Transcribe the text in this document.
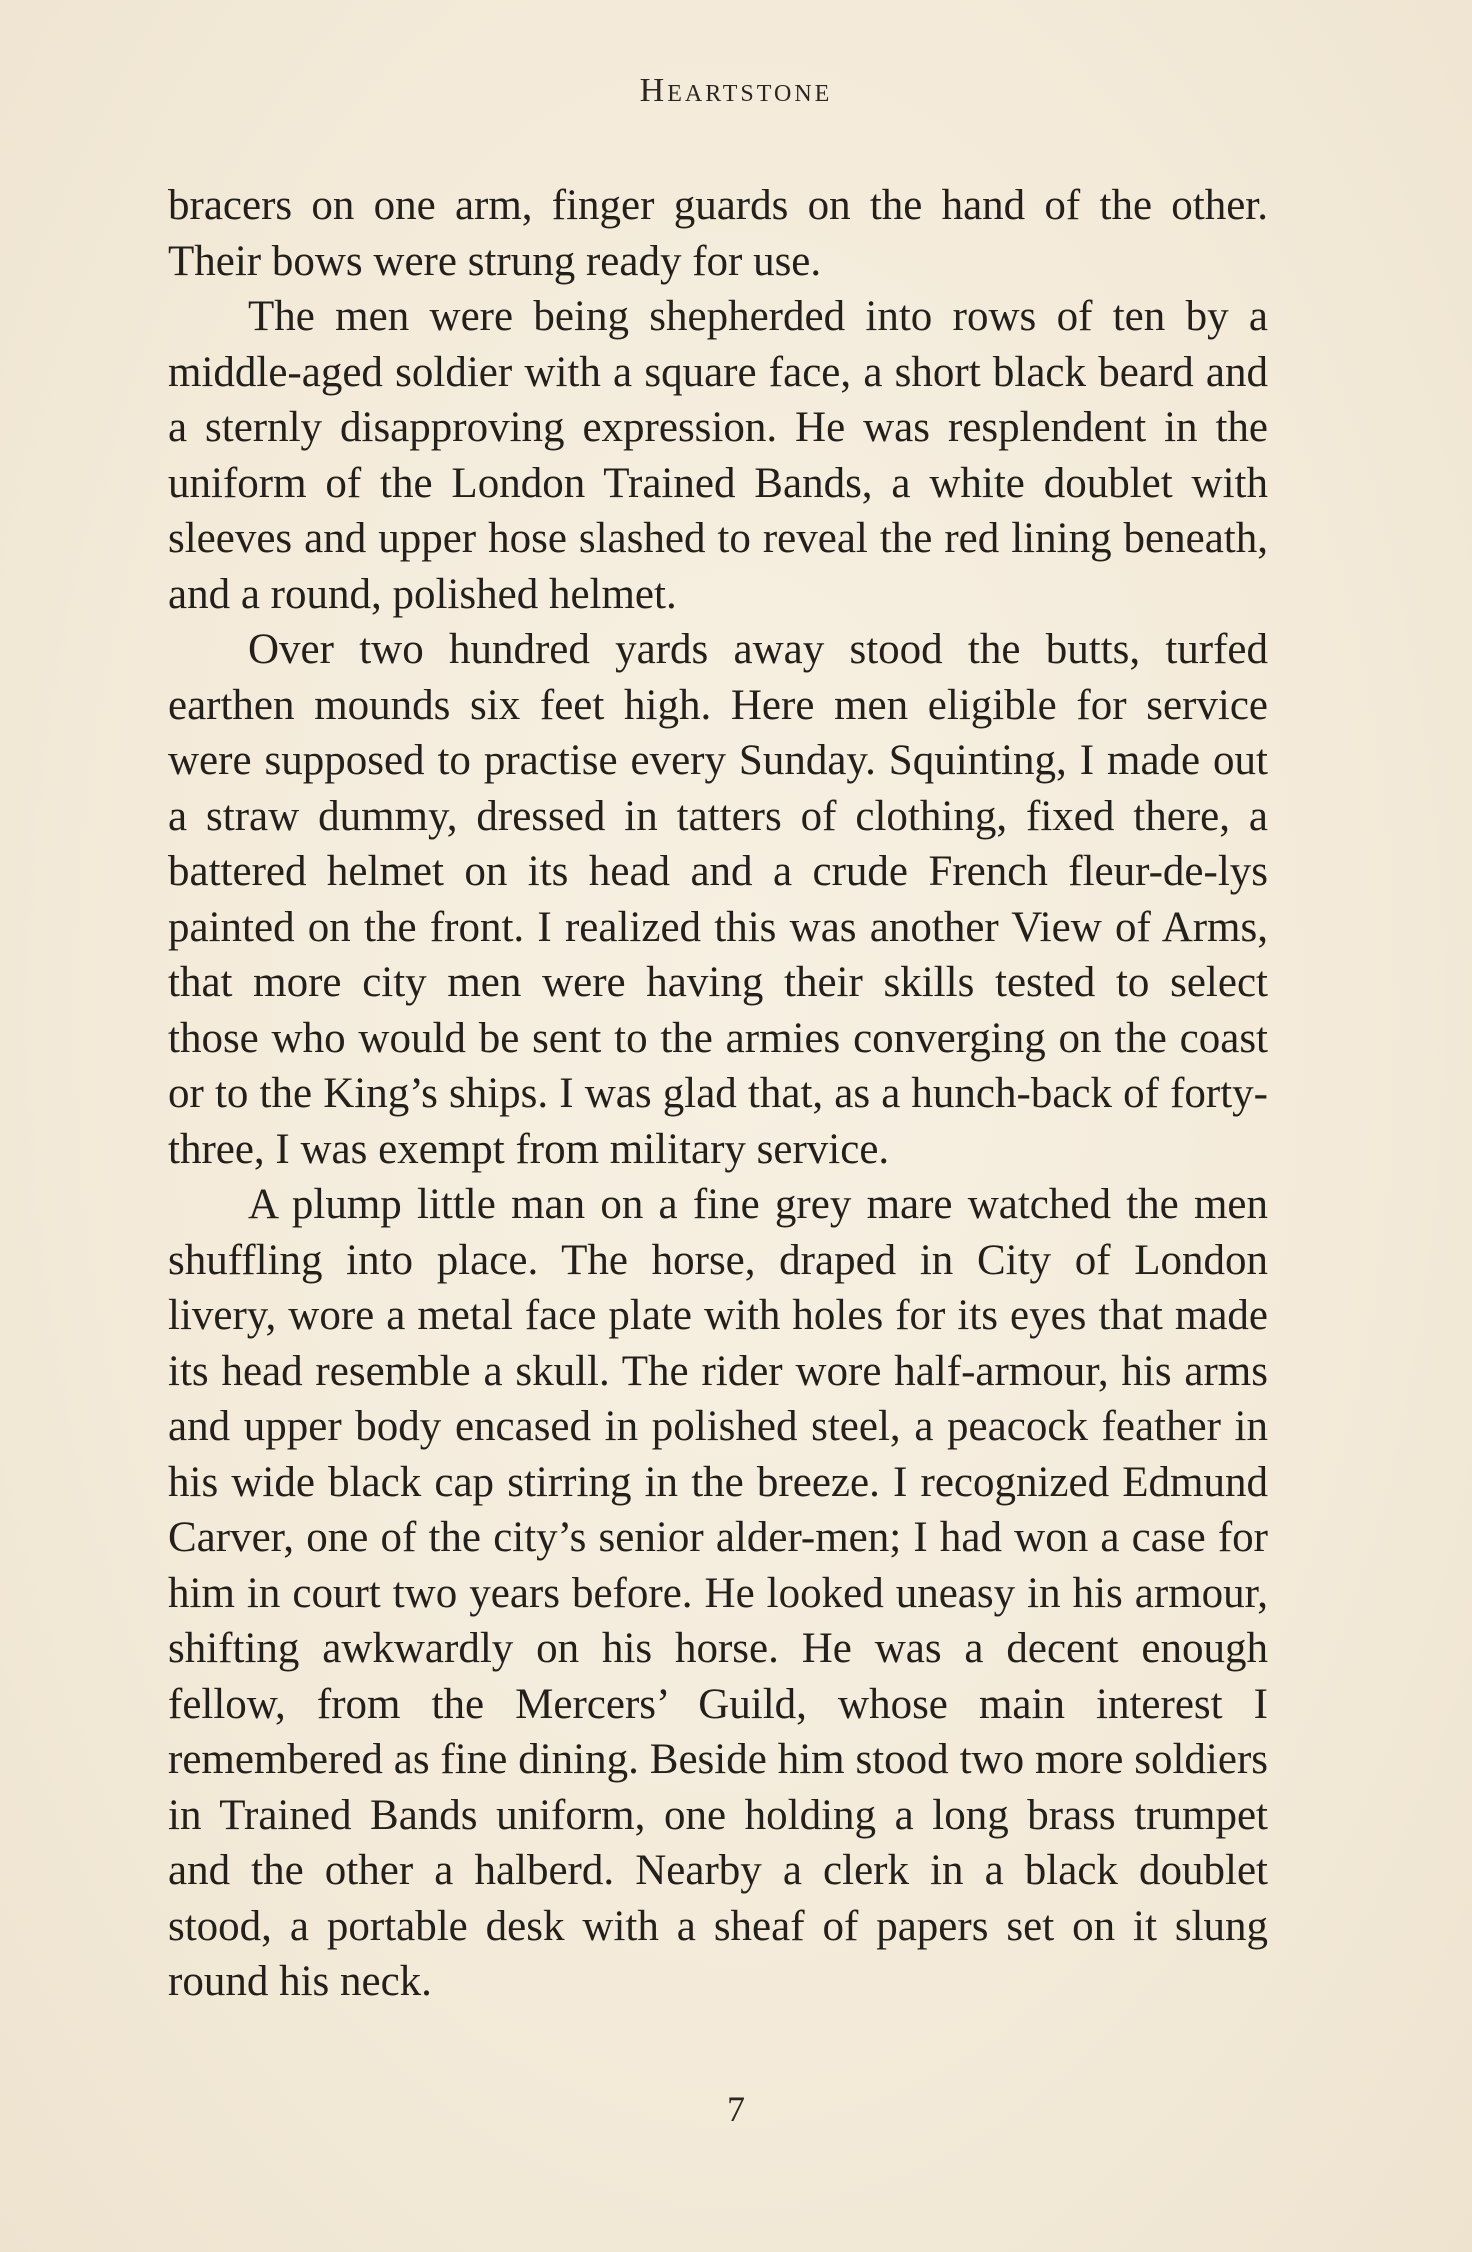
Heartstone

bracers on one arm, finger guards on the hand of the other. Their bows were strung ready for use.

The men were being shepherded into rows of ten by a middle-aged soldier with a square face, a short black beard and a sternly disapproving expression. He was resplendent in the uniform of the London Trained Bands, a white doublet with sleeves and upper hose slashed to reveal the red lining beneath, and a round, polished helmet.

Over two hundred yards away stood the butts, turfed earthen mounds six feet high. Here men eligible for service were supposed to practise every Sunday. Squinting, I made out a straw dummy, dressed in tatters of clothing, fixed there, a battered helmet on its head and a crude French fleur-de-lys painted on the front. I realized this was another View of Arms, that more city men were having their skills tested to select those who would be sent to the armies converging on the coast or to the King’s ships. I was glad that, as a hunch-back of forty-three, I was exempt from military service.

A plump little man on a fine grey mare watched the men shuffling into place. The horse, draped in City of London livery, wore a metal face plate with holes for its eyes that made its head resemble a skull. The rider wore half-armour, his arms and upper body encased in polished steel, a peacock feather in his wide black cap stirring in the breeze. I recognized Edmund Carver, one of the city’s senior alder-men; I had won a case for him in court two years before. He looked uneasy in his armour, shifting awkwardly on his horse. He was a decent enough fellow, from the Mercers’ Guild, whose main interest I remembered as fine dining. Beside him stood two more soldiers in Trained Bands uniform, one holding a long brass trumpet and the other a halberd. Nearby a clerk in a black doublet stood, a portable desk with a sheaf of papers set on it slung round his neck.

7
